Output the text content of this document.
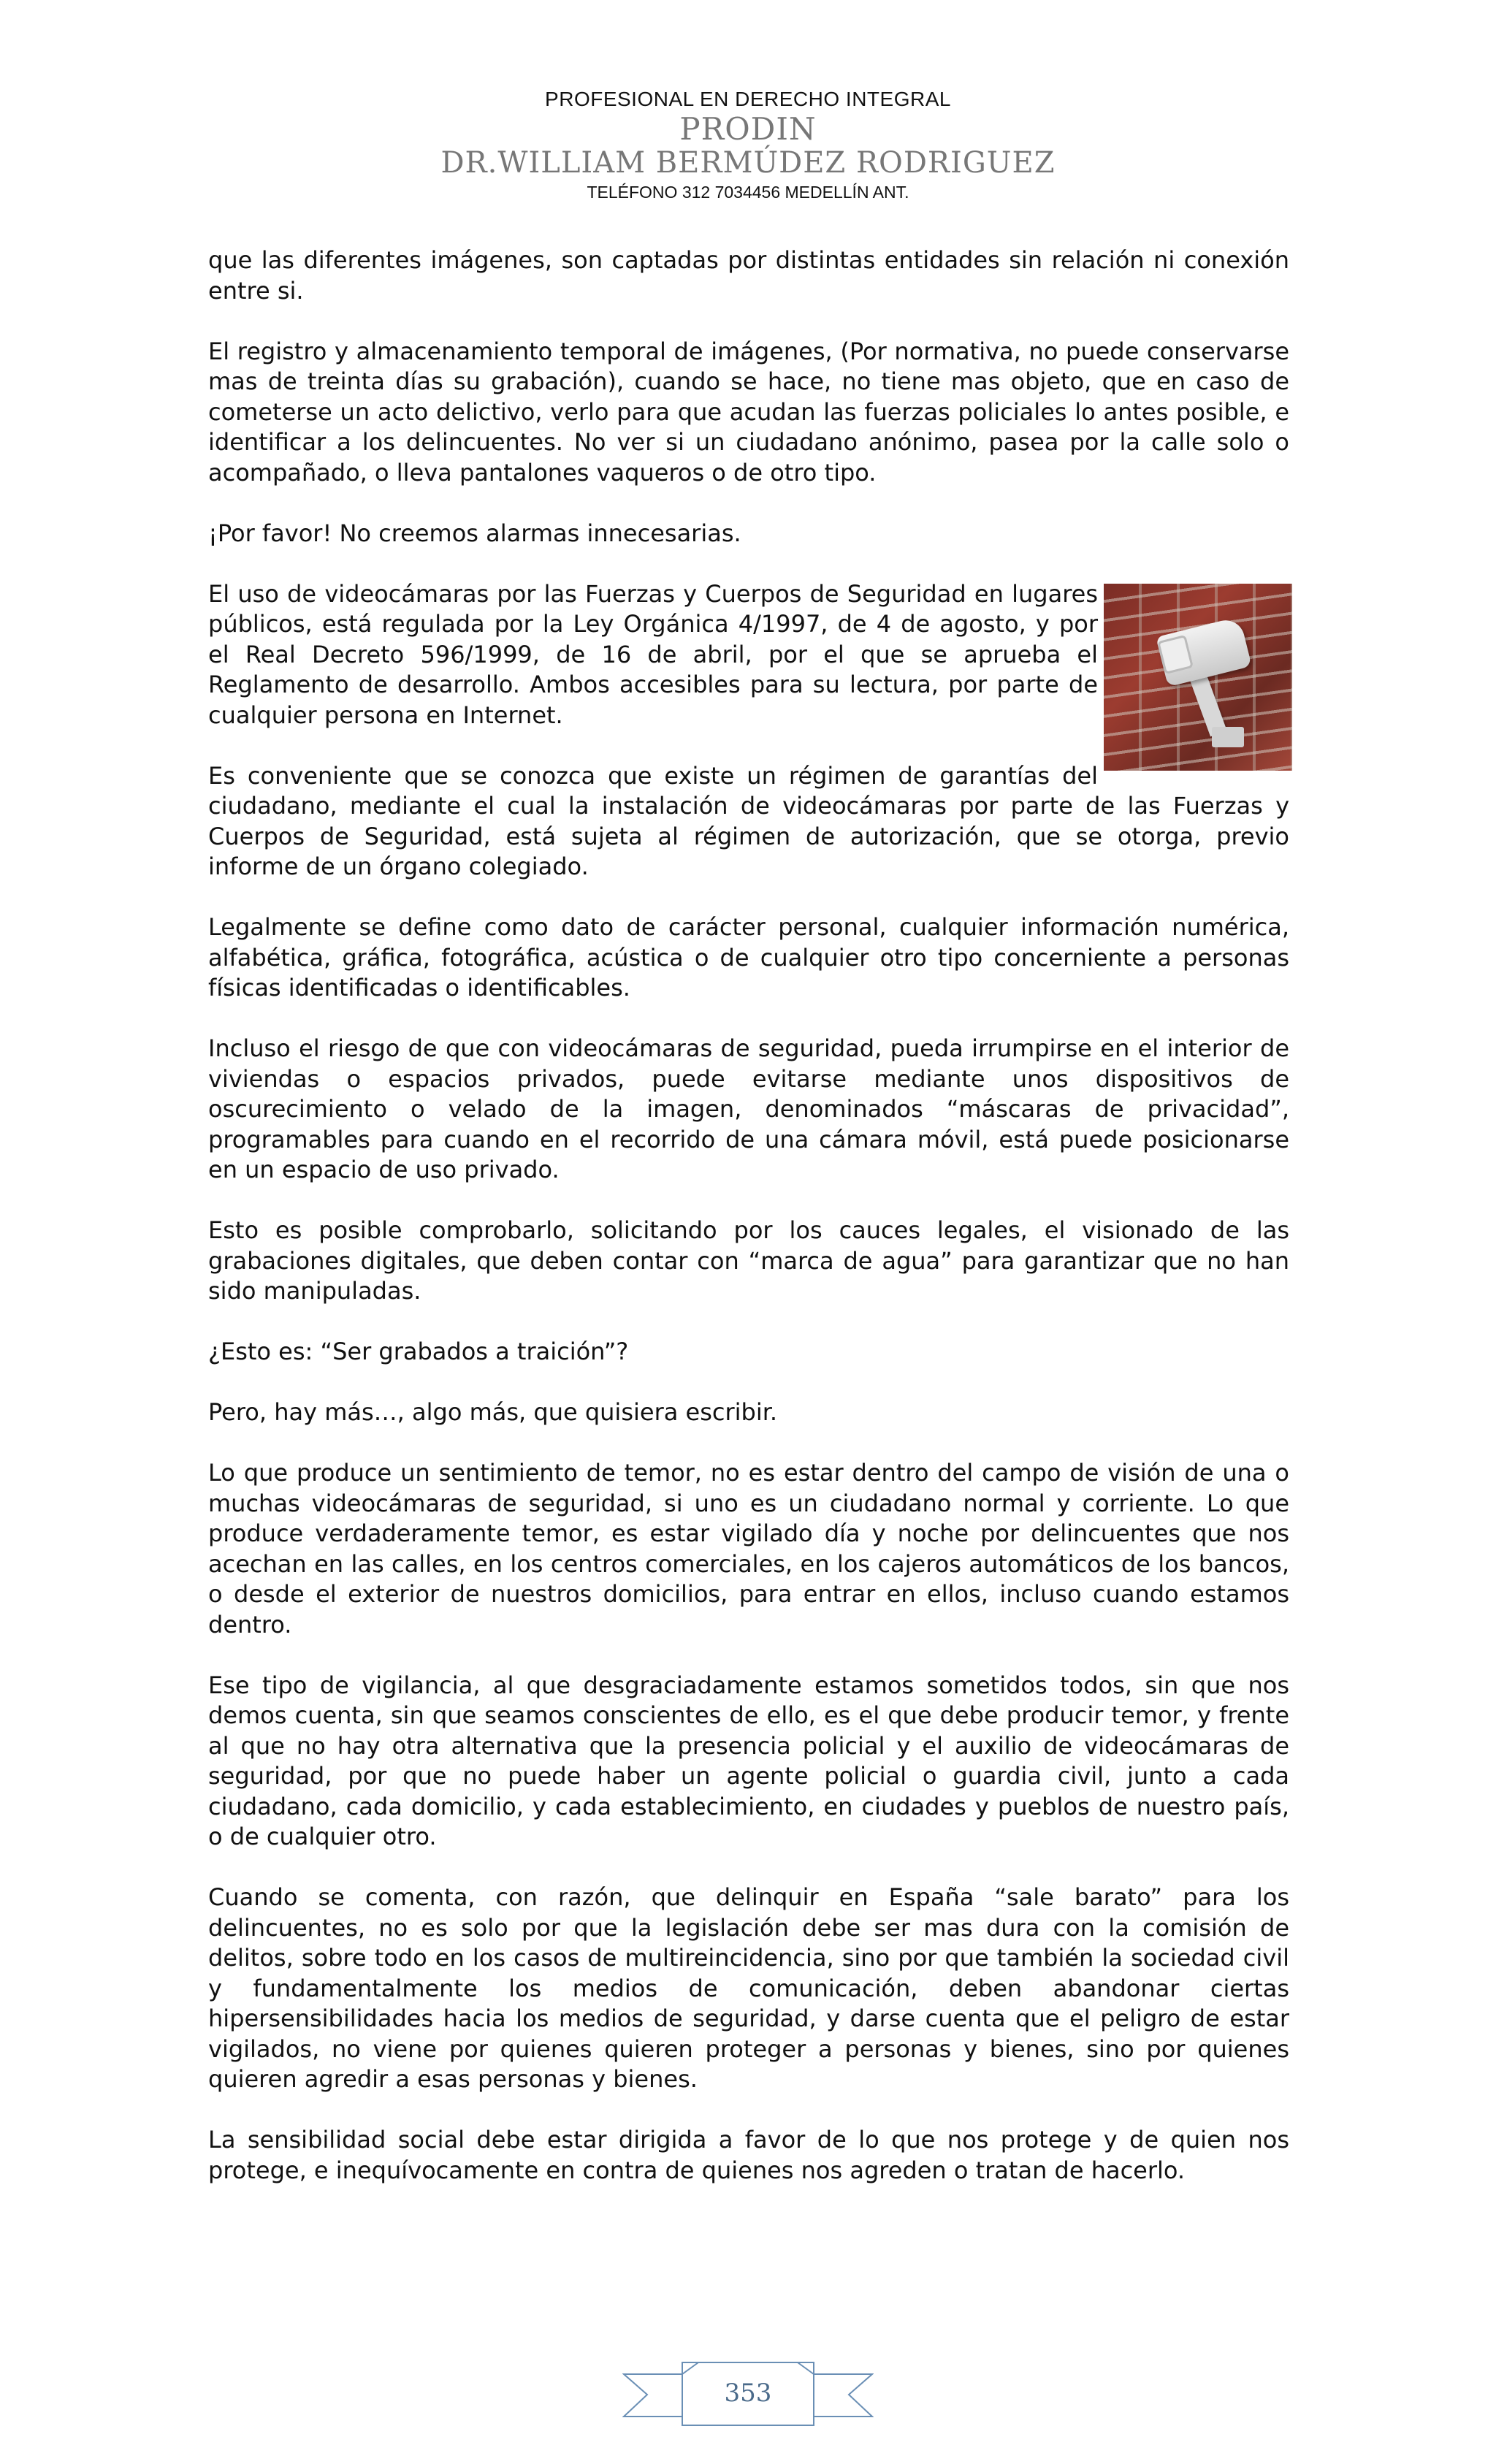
PROFESIONAL EN DERECHO INTEGRAL
PRODIN
DR.WILLIAM BERMÚDEZ RODRIGUEZ
TELÉFONO 312 7034456 MEDELLÍN ANT.

que las diferentes imágenes, son captadas por distintas entidades sin relación ni conexión entre si.

El registro y almacenamiento temporal de imágenes, (Por normativa, no puede conservarse mas de treinta días su grabación), cuando se hace, no tiene mas objeto, que en caso de cometerse un acto delictivo, verlo para que acudan las fuerzas policiales lo antes posible, e identificar a los delincuentes. No ver si un ciudadano anónimo, pasea por la calle solo o acompañado, o lleva pantalones vaqueros o de otro tipo.

¡Por favor! No creemos alarmas innecesarias.

El uso de videocámaras por las Fuerzas y Cuerpos de Seguridad en lugares públicos, está regulada por la Ley Orgánica 4/1997, de 4 de agosto, y por el Real Decreto 596/1999, de 16 de abril, por el que se aprueba el Reglamento de desarrollo. Ambos accesibles para su lectura, por parte de cualquier persona en Internet.

Es conveniente que se conozca que existe un régimen de garantías del ciudadano, mediante el cual la instalación de videocámaras por parte de las Fuerzas y Cuerpos de Seguridad, está sujeta al régimen de autorización, que se otorga, previo informe de un órgano colegiado.

Legalmente se define como dato de carácter personal, cualquier información numérica, alfabética, gráfica, fotográfica, acústica o de cualquier otro tipo concerniente a personas físicas identificadas o identificables.

Incluso el riesgo de que con videocámaras de seguridad, pueda irrumpirse en el interior de viviendas o espacios privados, puede evitarse mediante unos dispositivos de oscurecimiento o velado de la imagen, denominados “máscaras de privacidad”, programables para cuando en el recorrido de una cámara móvil, está puede posicionarse en un espacio de uso privado.

Esto es posible comprobarlo, solicitando por los cauces legales, el visionado de las grabaciones digitales, que deben contar con “marca de agua” para garantizar que no han sido manipuladas.

¿Esto es: “Ser grabados a traición”?

Pero, hay más…, algo más, que quisiera escribir.

Lo que produce un sentimiento de temor, no es estar dentro del campo de visión de una o muchas videocámaras de seguridad, si uno es un ciudadano normal y corriente. Lo que produce verdaderamente temor, es estar vigilado día y noche por delincuentes que nos acechan en las calles, en los centros comerciales, en los cajeros automáticos de los bancos, o desde el exterior de nuestros domicilios, para entrar en ellos, incluso cuando estamos dentro.

Ese tipo de vigilancia, al que desgraciadamente estamos sometidos todos, sin que nos demos cuenta, sin que seamos conscientes de ello, es el que debe producir temor, y frente al que no hay otra alternativa que la presencia policial y el auxilio de videocámaras de seguridad, por que no puede haber un agente policial o guardia civil, junto a cada ciudadano, cada domicilio, y cada establecimiento, en ciudades y pueblos de nuestro país, o de cualquier otro.

Cuando se comenta, con razón, que delinquir en España “sale barato” para los delincuentes, no es solo por que la legislación debe ser mas dura con la comisión de delitos, sobre todo en los casos de multireincidencia, sino por que también la sociedad civil y fundamentalmente los medios de comunicación, deben abandonar ciertas hipersensibilidades hacia los medios de seguridad, y darse cuenta que el peligro de estar vigilados, no viene por quienes quieren proteger a personas y bienes, sino por quienes quieren agredir a esas personas y bienes.

La sensibilidad social debe estar dirigida a favor de lo que nos protege y de quien nos protege, e inequívocamente en contra de quienes nos agreden o tratan de hacerlo.

353
